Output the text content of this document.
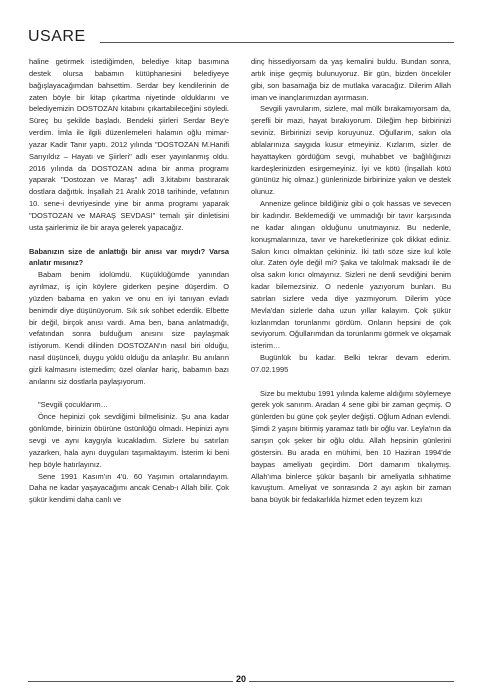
USARE

haline getirmek istediğimden, belediye kitap basımına destek olursa babamın kütüphanesini belediyeye bağışlayacağımdan bahsettim. Serdar bey kendilerinin de zaten böyle bir kitap çıkartma niyetinde olduklarını ve belediyemizin DOSTOZAN kitabını çıkartabileceğini söyledi. Süreç bu şekilde başladı. Bendeki şiirleri Serdar Bey'e verdim. İmla ile ilgili düzenlemeleri halamın oğlu mimar-yazar Kadir Tanır yaptı. 2012 yılında "DOSTOZAN M.Hanifi Sarıyıldız – Hayatı ve Şiirleri" adlı eser yayınlanmış oldu. 2016 yılında da DOSTOZAN adına bir anma programı yaparak "Dostozan ve Maraş" adlı 3.kitabını bastırarak dostlara dağıttık. İnşallah 21 Aralık 2018 tarihinde, vefatının 10. sene-i devriyesinde yine bir anma programı yaparak "DOSTOZAN ve MARAŞ SEVDASI" temalı şiir dinletisini usta şairlerimiz ile bir araya gelerek yapacağız.

Babanızın size de anlattığı bir anısı var mıydı? Varsa anlatır mısınız?

Babam benim idolümdü. Küçüklüğümde yanından ayrılmaz, iş için köylere giderken peşine düşerdim. O yüzden babama en yakın ve onu en iyi tanıyan evladı benimdir diye düşünüyorum. Sık sık sohbet ederdik. Elbette bir değil, birçok anısı vardı. Ama ben, bana anlatmadığı, vefatından sonra bulduğum anısını size paylaşmak istiyorum. Kendi dilinden DOSTOZAN'ın nasıl biri olduğu, nasıl düşünceli, duygu yüklü olduğu da anlaşılır. Bu anıların gizli kalmasını istemedim; özel olanlar hariç, babamın bazı anılarını siz dostlarla paylaşıyorum.

"Sevgili çocuklarım…

Önce hepinizi çok sevdiğimi bilmelisiniz. Şu ana kadar gönlümde, birinizin öbürüne üstünlüğü olmadı. Hepinizi aynı sevgi ve aynı kaygıyla kucakladım. Sizlere bu satırları yazarken, hala aynı duyguları taşımaktayım. İsterim ki beni hep böyle hatırlayınız.

Sene 1991 Kasım'ın 4'ü. 60 Yaşımın ortalarındayım. Daha ne kadar yaşayacağımı ancak Cenab-ı Allah bilir. Çok şükür kendimi daha canlı ve

dinç hissediyorsam da yaş kemalini buldu. Bundan sonra, artık inişe geçmiş bulunuyoruz. Bir gün, bizden öncekiler gibi, son basamağa biz de mutlaka varacağız. Dilerim Allah iman ve inançlarımızdan ayırmasın.

Sevgili yavrularım, sizlere, mal mülk bırakamıyorsam da, şerefli bir mazi, hayat bırakıyorum. Dileğim hep birbirinizi seviniz. Birbirinizi sevip koruyunuz. Oğullarım, sakın ola ablalarınıza saygıda kusur etmeyiniz. Kızlarım, sizler de hayattayken gördüğüm sevgi, muhabbet ve bağlılığınızı kardeşlerinizden esirgemeyiniz. İyi ve kötü (İnşallah kötü gününüz hiç olmaz.) günlerinizde birbirinize yakın ve destek olunuz.

Annenize gelince bildiğiniz gibi o çok hassas ve sevecen bir kadındır. Beklemediği ve ummadığı bir tavır karşısında ne kadar alıngan olduğunu unutmayınız. Bu nedenle, konuşmalarınıza, tavır ve hareketlerinize çok dikkat ediniz. Sakın kırıcı olmaktan çekininiz. İki tatlı söze size kul köle olur. Zaten öyle değil mi? Şaka ve takılmak maksadı ile de olsa sakın kırıcı olmayınız. Sizleri ne denli sevdiğini benim kadar bilemezsiniz. O nedenle yazıyorum bunları. Bu satırları sizlere veda diye yazmıyorum. Dilerim yüce Mevla'dan sizlerle daha uzun yıllar kalayım. Çok şükür kızlarımdan torunlarımı gördüm. Onların hepsini de çok seviyorum. Oğullarımdan da torunlarımı görmek ve okşamak isterim…

Bugünlük bu kadar. Belki tekrar devam ederim. 07.02.1995

Size bu mektubu 1991 yılında kaleme aldığımı söylemeye gerek yok sanırım. Aradan 4 sene gibi bir zaman geçmiş. O günlerden bu güne çok şeyler değişti. Oğlum Adnan evlendi. Şimdi 2 yaşını bitirmiş yaramaz tatlı bir oğlu var. Leyla'nın da sarışın çok şeker bir oğlu oldu. Allah hepsinin günlerini göstersin. Bu arada en mühimi, ben 10 Haziran 1994'de baypas ameliyatı geçirdim. Dört damarım tıkalıymış. Allah'ıma binlerce şükür başarılı bir ameliyatla sıhhatime kavuştum. Ameliyat ve sonrasında 2 ayı aşkın bir zaman bana büyük bir fedakarlıkla hizmet eden teyzem kızı

20
